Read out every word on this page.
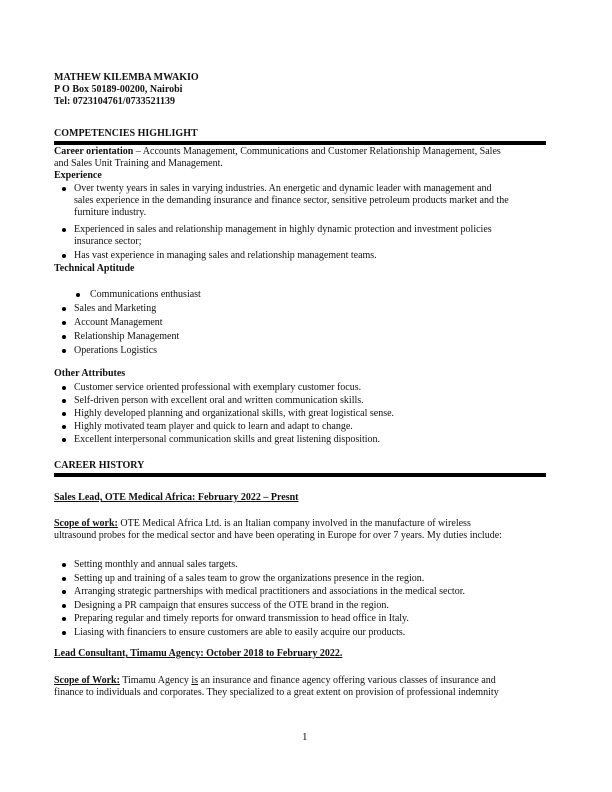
MATHEW KILEMBA MWAKIO
P O Box 50189-00200, Nairobi
Tel: 0723104761/0733521139
COMPETENCIES HIGHLIGHT
Career orientation – Accounts Management, Communications and Customer Relationship Management, Sales
and Sales Unit Training and Management.
Experience
Over twenty years in sales in varying industries. An energetic and dynamic leader with management and
sales experience in the demanding insurance and finance sector, sensitive petroleum products market and the
furniture industry.
Experienced in sales and relationship management in highly dynamic protection and investment policies
insurance sector;
Has vast experience in managing sales and relationship management teams.
Technical Aptitude
Communications enthusiast
Sales and Marketing
Account Management
Relationship Management
Operations Logistics
Other Attributes
Customer service oriented professional with exemplary customer focus.
Self-driven person with excellent oral and written communication skills.
Highly developed planning and organizational skills, with great logistical sense.
Highly motivated team player and quick to learn and adapt to change.
Excellent interpersonal communication skills and great listening disposition.
CAREER HISTORY
Sales Lead, OTE Medical Africa: February 2022 – Presnt
Scope of work: OTE Medical Africa Ltd. is an Italian company involved in the manufacture of wireless
ultrasound probes for the medical sector and have been operating in Europe for over 7 years. My duties include:
Setting monthly and annual sales targets.
Setting up and training of a sales team to grow the organizations presence in the region.
Arranging strategic partnerships with medical practitioners and associations in the medical sector.
Designing a PR campaign that ensures success of the OTE brand in the region.
Preparing regular and timely reports for onward transmission to head office in Italy.
Liasing with financiers to ensure customers are able to easily acquire our products.
Lead Consultant, Timamu Agency: October 2018 to February 2022.
Scope of Work: Timamu Agency is an insurance and finance agency offering various classes of insurance and
finance to individuals and corporates. They specialized to a great extent on provision of professional indemnity
1
